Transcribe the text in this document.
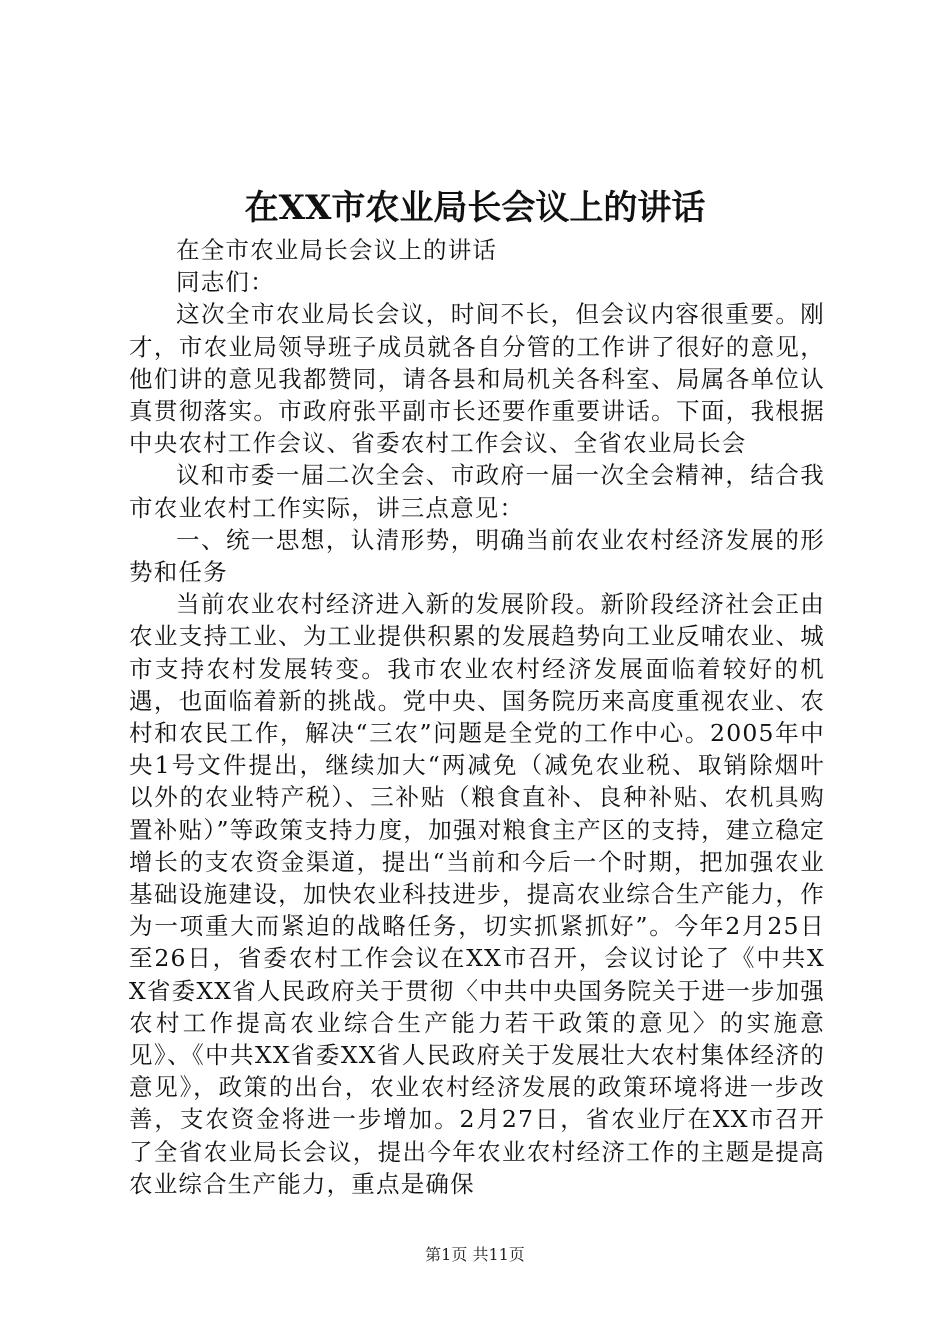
在XX市农业局长会议上的讲话

在全市农业局长会议上的讲话

同志们：

这次全市农业局长会议，时间不长，但会议内容很重要。刚才，市农业局领导班子成员就各自分管的工作讲了很好的意见，他们讲的意见我都赞同，请各县和局机关各科室、局属各单位认真贯彻落实。市政府张平副市长还要作重要讲话。下面，我根据中央农村工作会议、省委农村工作会议、全省农业局长会

议和市委一届二次全会、市政府一届一次全会精神，结合我市农业农村工作实际，讲三点意见：

一、统一思想，认清形势，明确当前农业农村经济发展的形势和任务

当前农业农村经济进入新的发展阶段。新阶段经济社会正由农业支持工业、为工业提供积累的发展趋势向工业反哺农业、城市支持农村发展转变。我市农业农村经济发展面临着较好的机遇，也面临着新的挑战。党中央、国务院历来高度重视农业、农村和农民工作，解决“三农”问题是全党的工作中心。2005年中央1号文件提出，继续加大“两减免（减免农业税、取销除烟叶以外的农业特产税）、三补贴（粮食直补、良种补贴、农机具购置补贴）”等政策支持力度，加强对粮食主产区的支持，建立稳定增长的支农资金渠道，提出“当前和今后一个时期，把加强农业基础设施建设，加快农业科技进步，提高农业综合生产能力，作为一项重大而紧迫的战略任务，切实抓紧抓好”。今年2月25日至26日，省委农村工作会议在XX市召开，会议讨论了《中共XX省委XX省人民政府关于贯彻〈中共中央国务院关于进一步加强农村工作提高农业综合生产能力若干政策的意见〉的实施意见》、《中共XX省委XX省人民政府关于发展壮大农村集体经济的意见》，政策的出台，农业农村经济发展的政策环境将进一步改善，支农资金将进一步增加。2月27日，省农业厅在XX市召开了全省农业局长会议，提出今年农业农村经济工作的主题是提高农业综合生产能力，重点是确保

第1页 共11页
